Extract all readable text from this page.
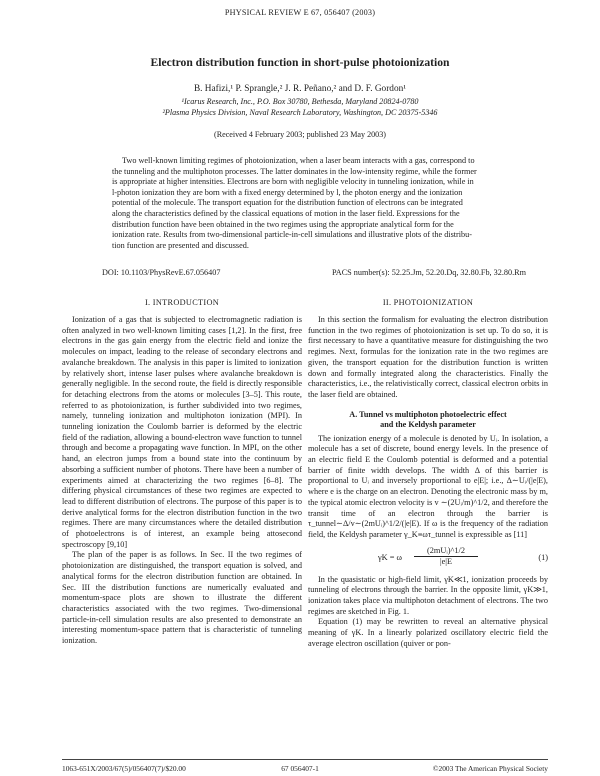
PHYSICAL REVIEW E 67, 056407 (2003)
Electron distribution function in short-pulse photoionization
B. Hafizi,¹ P. Sprangle,² J. R. Peñano,² and D. F. Gordon¹
¹Icarus Research, Inc., P.O. Box 30780, Bethesda, Maryland 20824-0780
²Plasma Physics Division, Naval Research Laboratory, Washington, DC 20375-5346
(Received 4 February 2003; published 23 May 2003)
Two well-known limiting regimes of photoionization, when a laser beam interacts with a gas, correspond to
the tunneling and the multiphoton processes. The latter dominates in the low-intensity regime, while the former
is appropriate at higher intensities. Electrons are born with negligible velocity in tunneling ionization, while in
l-photon ionization they are born with a fixed energy determined by l, the photon energy and the ionization
potential of the molecule. The transport equation for the distribution function of electrons can be integrated
along the characteristics defined by the classical equations of motion in the laser field. Expressions for the
distribution function have been obtained in the two regimes using the appropriate analytical form for the
ionization rate. Results from two-dimensional particle-in-cell simulations and illustrative plots of the distribu-
tion function are presented and discussed.
DOI: 10.1103/PhysRevE.67.056407	PACS number(s): 52.25.Jm, 52.20.Dq, 32.80.Fb, 32.80.Rm
I. INTRODUCTION	II. PHOTOIONIZATION

Ionization of a gas that is subjected to electromagnetic radiation is often analyzed in two well-known limiting cases [1,2]. In the first, free electrons in the gas gain energy from the electric field and ionize the molecules on impact, leading to the release of secondary electrons and avalanche breakdown. The analysis in this paper is limited to ionization by relatively short, intense laser pulses where avalanche breakdown is generally negligible. In the second route, the field is directly responsible for detaching electrons from the atoms or molecules [3–5]. This route, referred to as photoionization, is further subdivided into two regimes, namely, tunneling ionization and multiphoton ionization (MPI). In tunneling ionization the Coulomb barrier is deformed by the electric field of the radiation, allowing a bound-electron wave function to tunnel through and become a propagating wave function. In MPI, on the other hand, an electron jumps from a bound state into the continuum by absorbing a sufficient number of photons. There have been a number of experiments aimed at characterizing the two regimes [6–8]. The differing physical circumstances of these two regimes are expected to lead to different distribution of electrons. The purpose of this paper is to derive analytical forms for the electron distribution function in the two regimes. There are many circumstances where the detailed distribution of photoelectrons is of interest, an example being attosecond spectroscopy [9,10]

The plan of the paper is as follows. In Sec. II the two regimes of photoionization are distinguished, the transport equation is solved, and analytical forms for the electron distribution function are obtained. In Sec. III the distribution functions are numerically evaluated and momentum-space plots are shown to illustrate the different characteristics associated with the two regimes. Two-dimensional particle-in-cell simulation results are also presented to demonstrate an interesting momentum-space pattern that is characteristic of tunneling ionization.

In this section the formalism for evaluating the electron distribution function in the two regimes of photoionization is set up. To do so, it is first necessary to have a quantitative measure for distinguishing the two regimes. Next, formulas for the ionization rate in the two regimes are given, the transport equation for the distribution function is written down and formally integrated along the characteristics. Finally the characteristics, i.e., the relativistically correct, classical electron orbits in the laser field are obtained.

A. Tunnel vs multiphoton photoelectric effect
and the Keldysh parameter

The ionization energy of a molecule is denoted by Uᵢ. In isolation, a molecule has a set of discrete, bound energy levels. In the presence of an electric field E the Coulomb potential is deformed and a potential barrier of finite width develops. The width Δ of this barrier is proportional to Uᵢ and inversely proportional to e|E|; i.e., Δ∼Uᵢ/(|e|E), where e is the charge on an electron. Denoting the electronic mass by m, the typical atomic electron velocity is v ∼(2Uᵢ/m)^1/2, and therefore the transit time of an electron through the barrier is τ_tunnel∼Δ/v∼(2mUᵢ)^1/2/(|e|E). If ω is the frequency of the radiation field, the Keldysh parameter γ_K≡ωτ_tunnel is expressible as [11]

γK = ω
(2mUᵢ)^1/2
|e|E
(1)

In the quasistatic or high-field limit, γK≪1, ionization proceeds by tunneling of electrons through the barrier. In the opposite limit, γK≫1, ionization takes place via multiphoton detachment of electrons. The two regimes are sketched in Fig. 1.

Equation (1) may be rewritten to reveal an alternative physical meaning of γK. In a linearly polarized oscillatory electric field the average electron oscillation (quiver or pon-

1063-651X/2003/67(5)/056407(7)/$20.00	67 056407-1	©2003 The American Physical Society
